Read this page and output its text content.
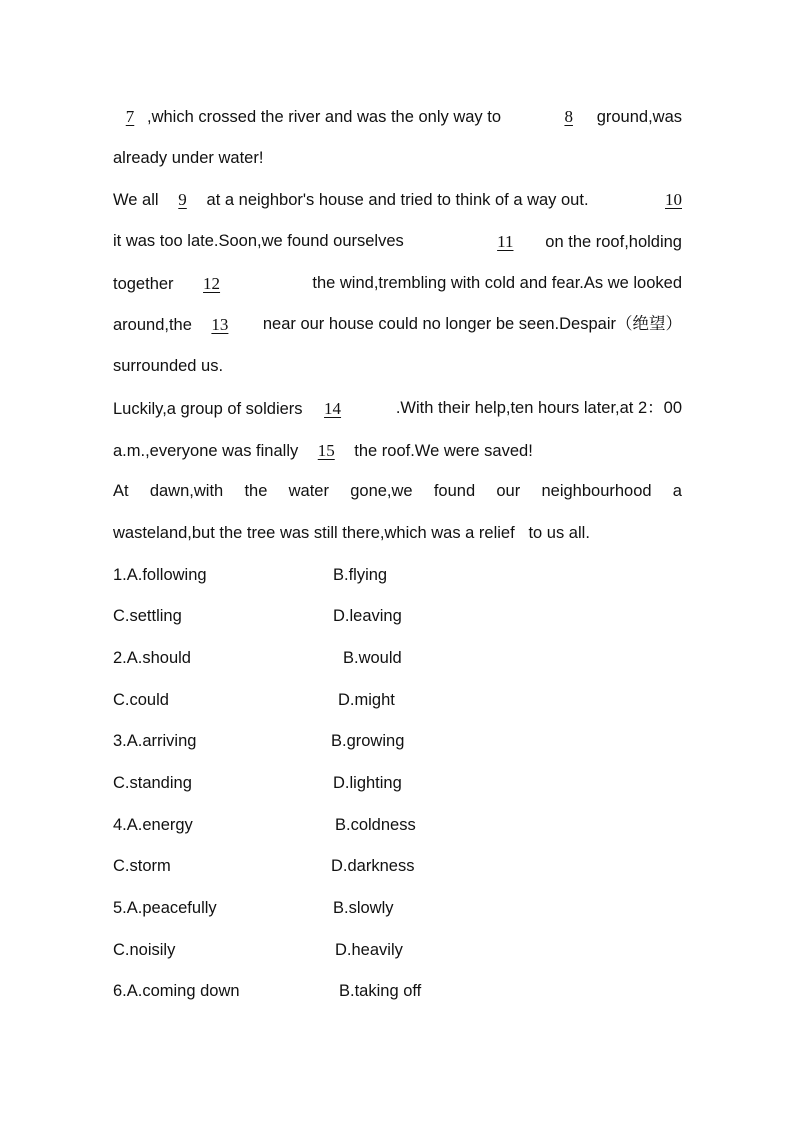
7 ,which crossed the river and was the only way to	8 ground,was
already under water!
We all 9 at a neighbor's house and tried to think of a way out.	10
it was too late.Soon,we found ourselves	11 on the roof,holding
together 12	the wind,trembling with cold and fear.As we looked
around,the 13	near our house could no longer be seen.Despair（绝望）
surrounded us.
Luckily,a group of soldiers 14	.With their help,ten hours later,at 2：00
a.m.,everyone was finally 15 the roof.We were saved!
At dawn,with the water gone,we found our neighbourhood a
wasteland,but the tree was still there,which was a relief   to us all.
1.A.following	B.flying
C.settling	D.leaving
2.A.should	B.would
C.could	D.might
3.A.arriving	B.growing
C.standing	D.lighting
4.A.energy	B.coldness
C.storm	D.darkness
5.A.peacefully	B.slowly
C.noisily	D.heavily
6.A.coming down	B.taking off
